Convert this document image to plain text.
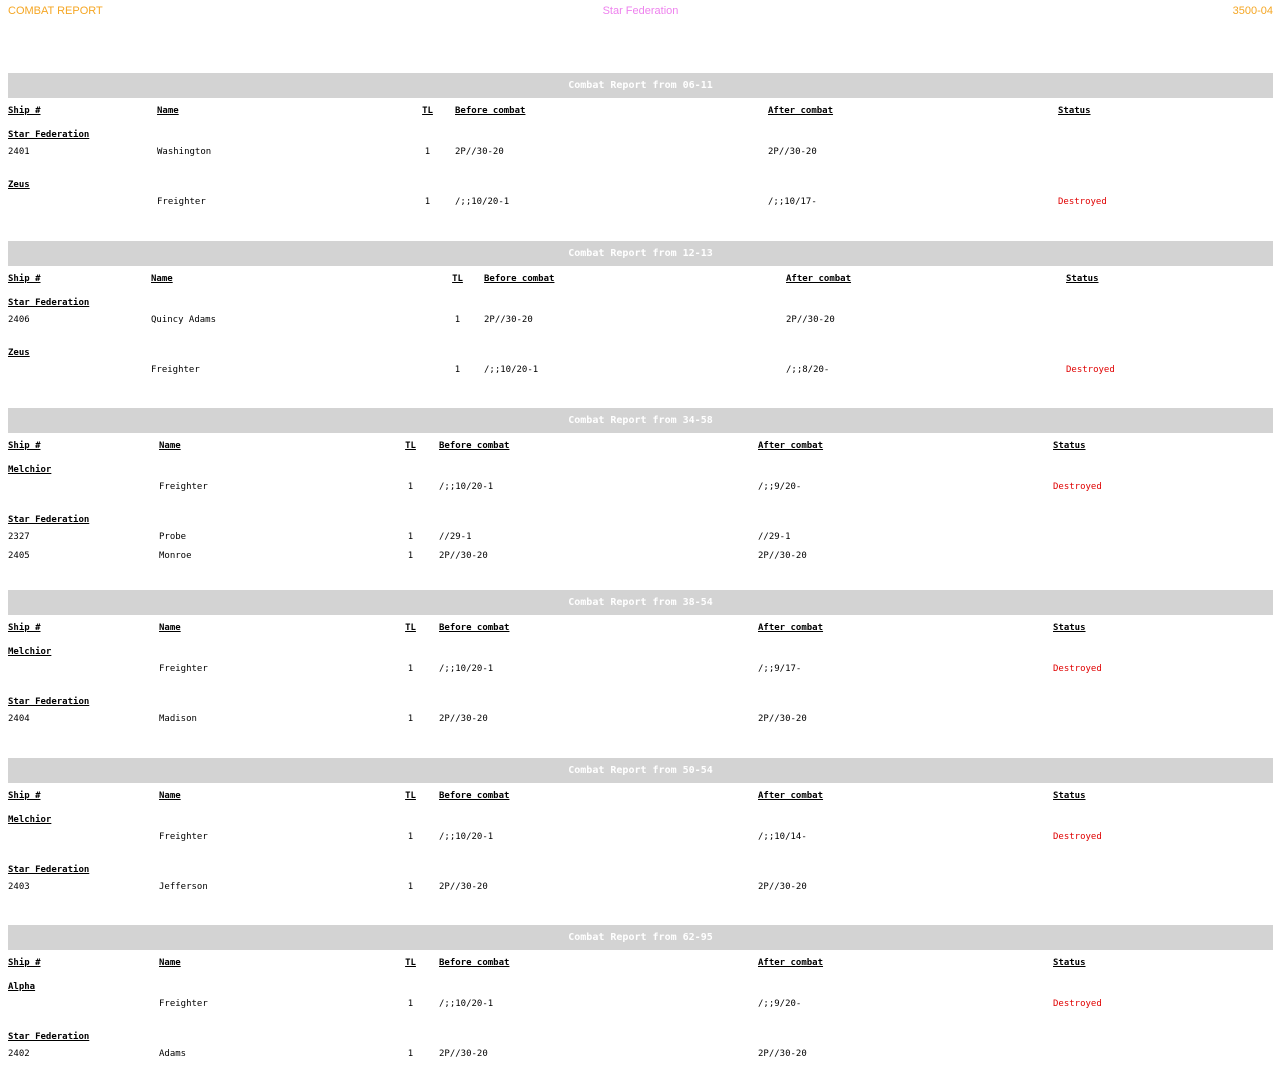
COMBAT REPORT	Star Federation	3500-04
Combat Report from 06-11
Ship #	Name	TL	Before combat	After combat	Status
Star Federation					
2401	Washington	1	2P//30-20	2P//30-20	

Zeus					
	Freighter	1	/;;10/20-1	/;;10/17-	Destroyed
Combat Report from 12-13
Ship #	Name	TL	Before combat	After combat	Status
Star Federation					
2406	Quincy Adams	1	2P//30-20	2P//30-20	

Zeus					
	Freighter	1	/;;10/20-1	/;;8/20-	Destroyed
Combat Report from 34-58
Ship #	Name	TL	Before combat	After combat	Status
Melchior					
	Freighter	1	/;;10/20-1	/;;9/20-	Destroyed

Star Federation					
2327	Probe	1	//29-1	//29-1	
2405	Monroe	1	2P//30-20	2P//30-20	
Combat Report from 38-54
Ship #	Name	TL	Before combat	After combat	Status
Melchior					
	Freighter	1	/;;10/20-1	/;;9/17-	Destroyed

Star Federation					
2404	Madison	1	2P//30-20	2P//30-20	
Combat Report from 50-54
Ship #	Name	TL	Before combat	After combat	Status
Melchior					
	Freighter	1	/;;10/20-1	/;;10/14-	Destroyed

Star Federation					
2403	Jefferson	1	2P//30-20	2P//30-20	
Combat Report from 62-95
Ship #	Name	TL	Before combat	After combat	Status
Alpha					
	Freighter	1	/;;10/20-1	/;;9/20-	Destroyed

Star Federation					
2402	Adams	1	2P//30-20	2P//30-20	
